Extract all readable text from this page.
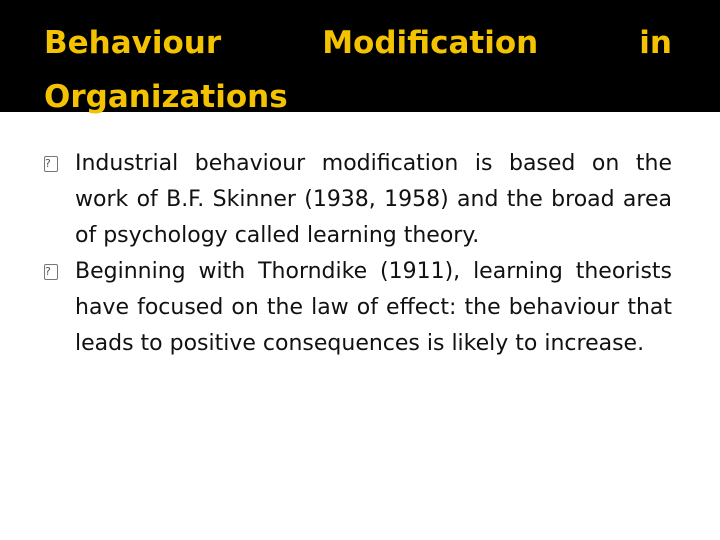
Behaviour	Modification	in
Organizations
?	Industrial behaviour modification is based on the work of B.F. Skinner (1938, 1958) and the broad area of psychology called learning theory.
?	Beginning with Thorndike (1911), learning theorists have focused on the law of effect: the behaviour that leads to positive consequences is likely to increase.
